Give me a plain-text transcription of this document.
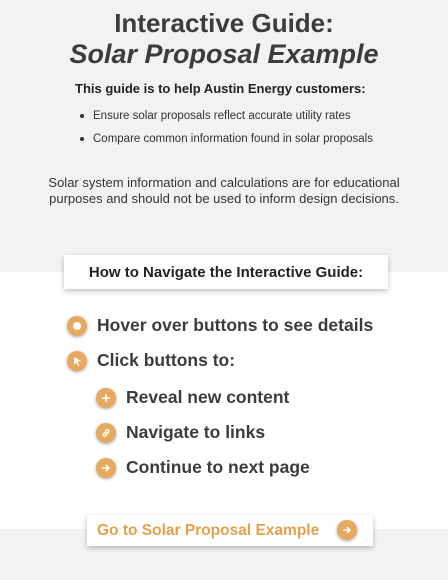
Interactive Guide:
Solar Proposal Example
This guide is to help Austin Energy customers:
Ensure solar proposals reflect accurate utility rates
Compare common information found in solar proposals
Solar system information and calculations are for educational purposes and should not be used to inform design decisions.
How to Navigate the Interactive Guide:
Hover over buttons to see details
Click buttons to:
Reveal new content
Navigate to links
Continue to next page
Go to Solar Proposal Example
